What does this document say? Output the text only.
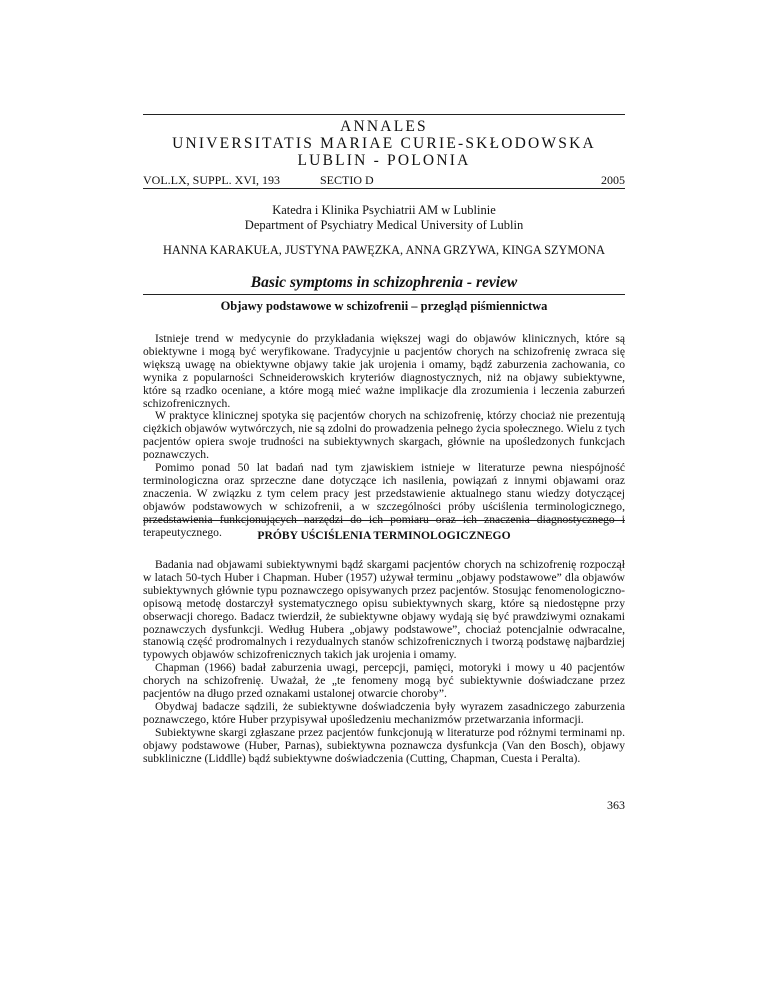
ANNALES
UNIVERSITATIS MARIAE CURIE-SKŁODOWSKA
LUBLIN - POLONIA
VOL.LX, SUPPL. XVI, 193	SECTIO D	2005
Katedra i Klinika Psychiatrii AM w Lublinie
Department of Psychiatry Medical University of Lublin
HANNA KARAKUŁA, JUSTYNA PAWĘZKA, ANNA GRZYWA, KINGA SZYMONA
Basic symptoms in schizophrenia - review
Objawy podstawowe w schizofrenii – przegląd piśmiennictwa

Istnieje trend w medycynie do przykładania większej wagi do objawów klinicznych, które są obiektywne i mogą być weryfikowane. Tradycyjnie u pacjentów chorych na schizofrenię zwraca się większą uwagę na obiektywne objawy takie jak urojenia i omamy, bądź zaburzenia zachowania, co wynika z popularności Schneiderowskich kryteriów diagnostycznych, niż na objawy subiektywne, które są rzadko oceniane, a które mogą mieć ważne implikacje dla zrozumienia i leczenia zaburzeń schizofrenicznych.

W praktyce klinicznej spotyka się pacjentów chorych na schizofrenię, którzy chociaż nie prezentują ciężkich objawów wytwórczych, nie są zdolni do prowadzenia pełnego życia społecznego. Wielu z tych pacjentów opiera swoje trudności na subiektywnych skargach, głównie na upośledzonych funkcjach poznawczych.

Pomimo ponad 50 lat badań nad tym zjawiskiem istnieje w literaturze pewna niespójność terminologiczna oraz sprzeczne dane dotyczące ich nasilenia, powiązań z innymi objawami oraz znaczenia. W związku z tym celem pracy jest przedstawienie aktualnego stanu wiedzy dotyczącej objawów podstawowych w schizofrenii, a w szczególności próby uściślenia terminologicznego, przedstawienia funkcjonujących narzędzi do ich pomiaru oraz ich znaczenia diagnostycznego i terapeutycznego.	PRÓBY UŚCIŚLENIA TERMINOLOGICZNEGO

Badania nad objawami subiektywnymi bądź skargami pacjentów chorych na schizofrenię rozpoczął w latach 50-tych Huber i Chapman. Huber (1957) używał terminu „objawy podstawowe” dla objawów subiektywnych głównie typu poznawczego opisywanych przez pacjentów. Stosując fenomenologiczno-opisową metodę dostarczył systematycznego opisu subiektywnych skarg, które są niedostępne przy obserwacji chorego. Badacz twierdził, że subiektywne objawy wydają się być prawdziwymi oznakami poznawczych dysfunkcji. Według Hubera „objawy podstawowe”, chociaż potencjalnie odwracalne, stanowią część prodromalnych i rezydualnych stanów schizofrenicznych i tworzą podstawę najbardziej typowych objawów schizofrenicznych takich jak urojenia i omamy.

Chapman (1966) badał zaburzenia uwagi, percepcji, pamięci, motoryki i mowy u 40 pacjentów chorych na schizofrenię. Uważał, że „te fenomeny mogą być subiektywnie doświadczane przez pacjentów na długo przed oznakami ustalonej otwarcie choroby”.

Obydwaj badacze sądzili, że subiektywne doświadczenia były wyrazem zasadniczego zaburzenia poznawczego, które Huber przypisywał upośledzeniu mechanizmów przetwarzania informacji.

Subiektywne skargi zgłaszane przez pacjentów funkcjonują w literaturze pod różnymi terminami np. objawy podstawowe (Huber, Parnas), subiektywna poznawcza dysfunkcja (Van den Bosch), objawy subkliniczne (Liddlle) bądź subiektywne doświadczenia (Cutting, Chapman, Cuesta i Peralta).

363
